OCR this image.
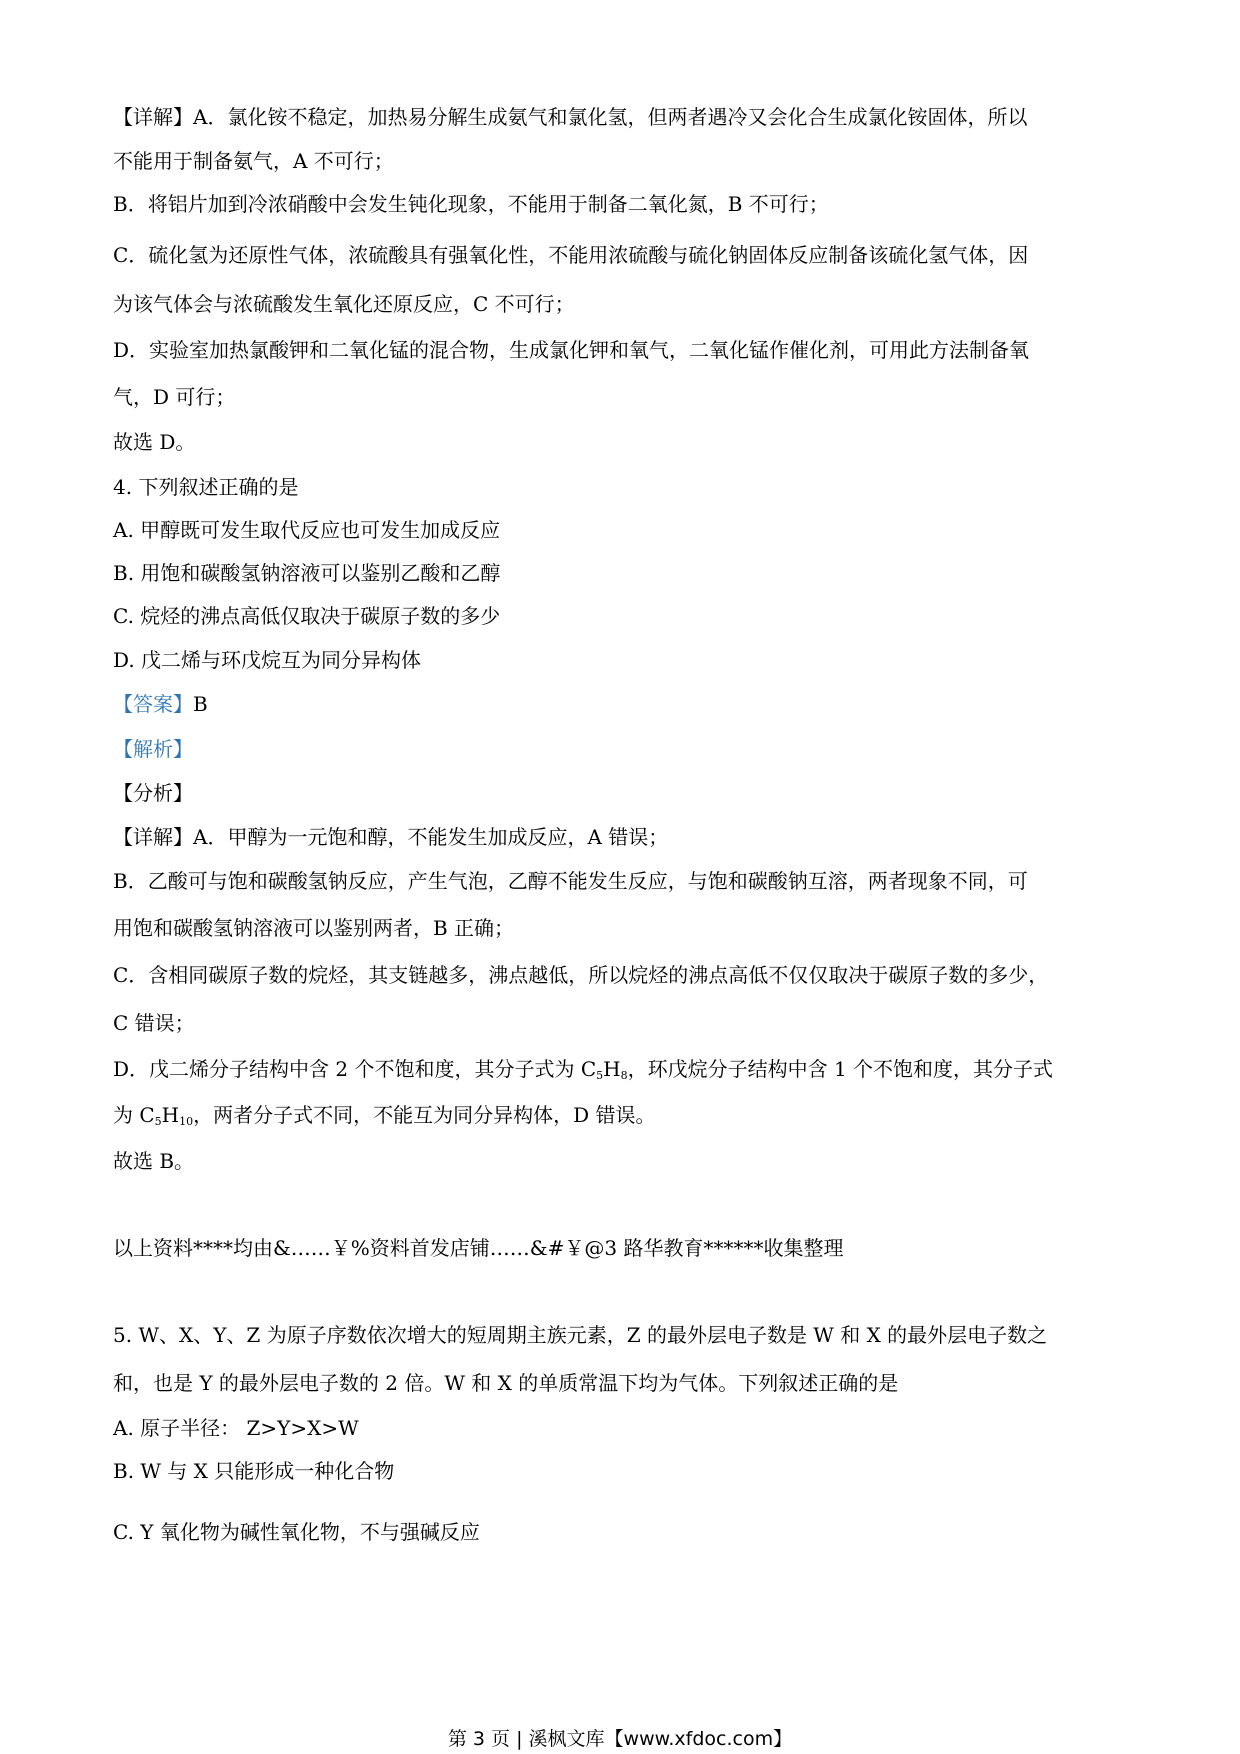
【详解】A．氯化铵不稳定，加热易分解生成氨气和氯化氢，但两者遇冷又会化合生成氯化铵固体，所以
不能用于制备氨气，A 不可行；
B．将铝片加到冷浓硝酸中会发生钝化现象，不能用于制备二氧化氮，B 不可行；
C．硫化氢为还原性气体，浓硫酸具有强氧化性，不能用浓硫酸与硫化钠固体反应制备该硫化氢气体，因
为该气体会与浓硫酸发生氧化还原反应，C 不可行；
D．实验室加热氯酸钾和二氧化锰的混合物，生成氯化钾和氧气，二氧化锰作催化剂，可用此方法制备氧
气，D 可行；
故选 D。
4. 下列叙述正确的是
A. 甲醇既可发生取代反应也可发生加成反应
B. 用饱和碳酸氢钠溶液可以鉴别乙酸和乙醇
C. 烷烃的沸点高低仅取决于碳原子数的多少
D. 戊二烯与环戊烷互为同分异构体
【答案】B
【解析】
【分析】
【详解】A．甲醇为一元饱和醇，不能发生加成反应，A 错误；
B．乙酸可与饱和碳酸氢钠反应，产生气泡，乙醇不能发生反应，与饱和碳酸钠互溶，两者现象不同，可
用饱和碳酸氢钠溶液可以鉴别两者，B 正确；
C．含相同碳原子数的烷烃，其支链越多，沸点越低，所以烷烃的沸点高低不仅仅取决于碳原子数的多少，
C 错误；
D．戊二烯分子结构中含 2 个不饱和度，其分子式为 $C_5H_8$，环戊烷分子结构中含 1 个不饱和度，其分子式
为 $C_5H_{10}$，两者分子式不同，不能互为同分异构体，D 错误。
故选 B。
以上资料****均由&……￥%资料首发店铺……&#￥@3 路华教育******收集整理
5. W、X、Y、Z 为原子序数依次增大的短周期主族元素，Z 的最外层电子数是 W 和 X 的最外层电子数之
和，也是 Y 的最外层电子数的 2 倍。W 和 X 的单质常温下均为气体。下列叙述正确的是
A. 原子半径： Z>Y>X>W
B. W 与 X 只能形成一种化合物
C. Y 氧化物为碱性氧化物，不与强碱反应
第 3 页 | 溪枫文库【www.xfdoc.com】
